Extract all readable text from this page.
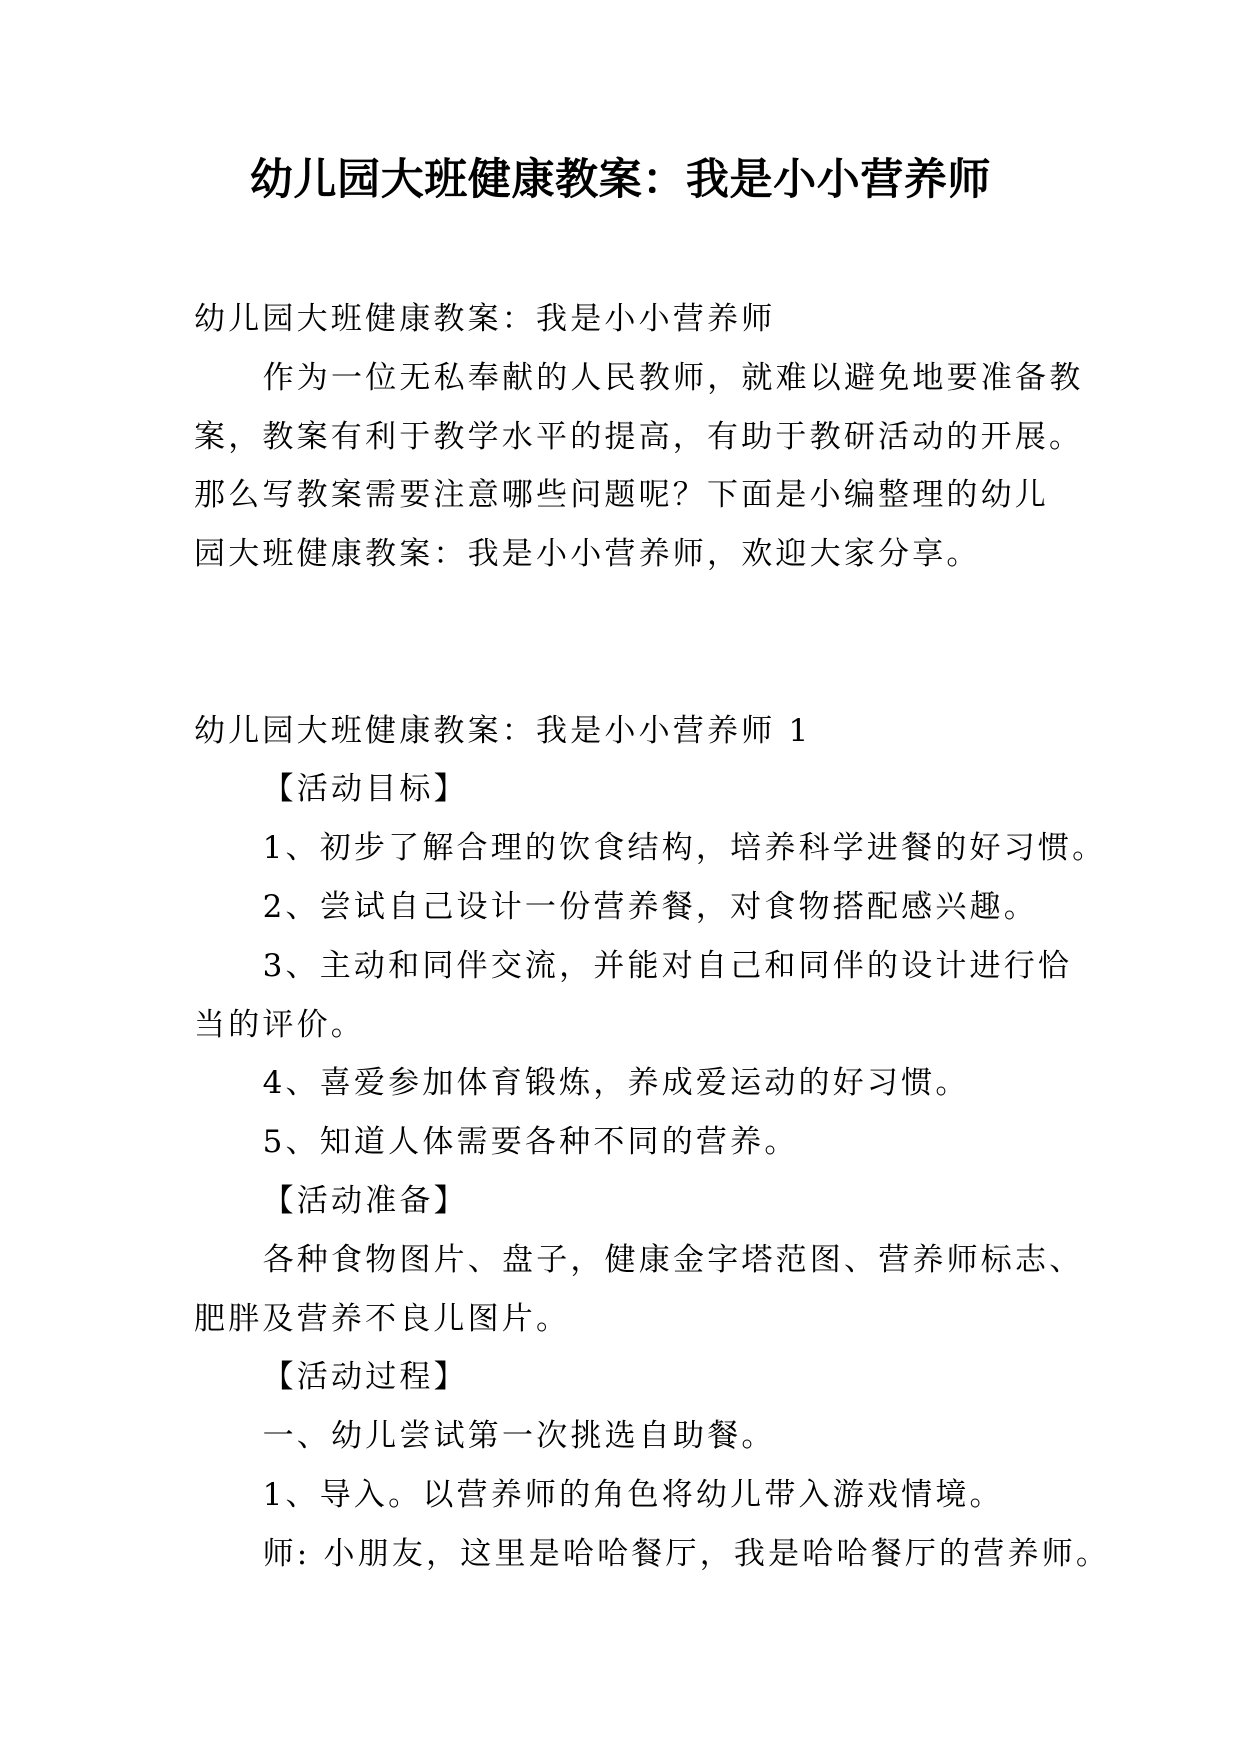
幼儿园大班健康教案：我是小小营养师
幼儿园大班健康教案：我是小小营养师
作为一位无私奉献的人民教师，就难以避免地要准备教
案，教案有利于教学水平的提高，有助于教研活动的开展。
那么写教案需要注意哪些问题呢？下面是小编整理的幼儿
园大班健康教案：我是小小营养师，欢迎大家分享。
幼儿园大班健康教案：我是小小营养师 1
【活动目标】
1、初步了解合理的饮食结构，培养科学进餐的好习惯。
2、尝试自己设计一份营养餐，对食物搭配感兴趣。
3、主动和同伴交流，并能对自己和同伴的设计进行恰
当的评价。
4、喜爱参加体育锻炼，养成爱运动的好习惯。
5、知道人体需要各种不同的营养。
【活动准备】
各种食物图片、盘子，健康金字塔范图、营养师标志、
肥胖及营养不良儿图片。
【活动过程】
一、幼儿尝试第一次挑选自助餐。
1、导入。以营养师的角色将幼儿带入游戏情境。
师: 小朋友，这里是哈哈餐厅，我是哈哈餐厅的营养师。
